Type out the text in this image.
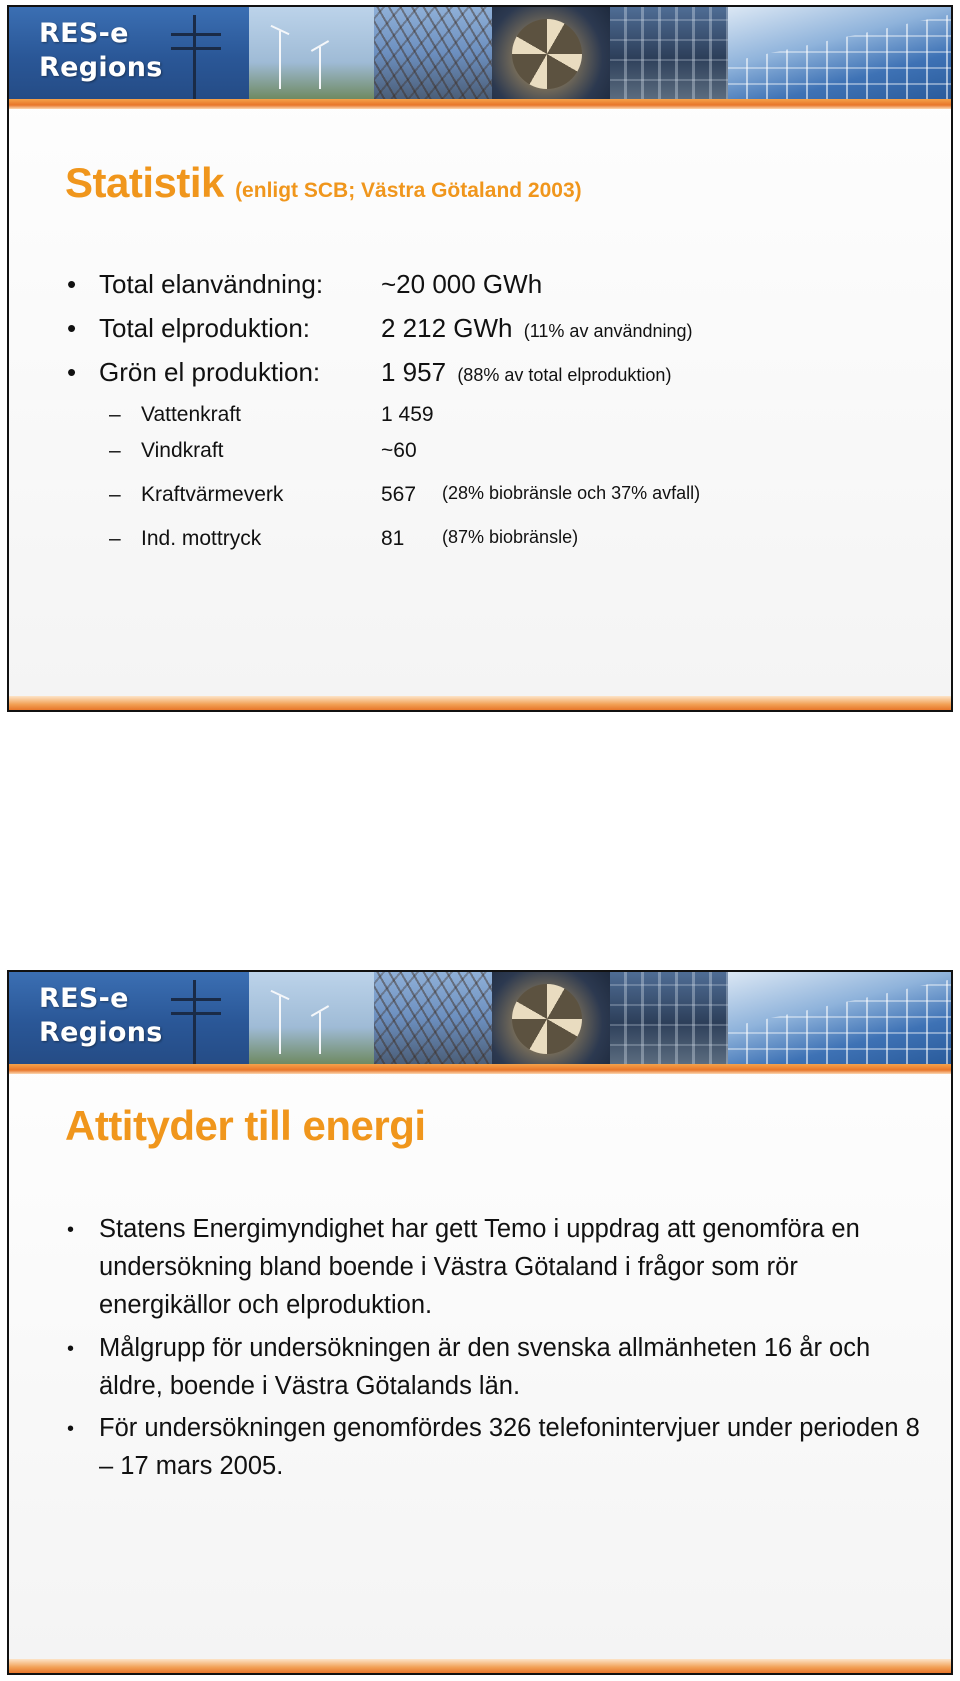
RES-e
Regions
Statistik (enligt SCB; Västra Götaland 2003)
• Total elanvändning: ~20 000 GWh
• Total elproduktion:	2 212 GWh (11% av användning)
• Grön el produktion: 1 957 (88% av total elproduktion)
– Vattenkraft	1 459
– Vindkraft	~60
– Kraftvärmeverk	567 (28% biobränsle och 37% avfall)
– Ind. mottryck	81 (87% biobränsle)
RES-e
Regions
Attityder till energi
• Statens Energimyndighet har gett Temo i uppdrag att genomföra en undersökning bland boende i Västra Götaland i frågor som rör energikällor och elproduktion.
• Målgrupp för undersökningen är den svenska allmänheten 16 år och äldre, boende i Västra Götalands län.
• För undersökningen genomfördes 326 telefonintervjuer under perioden 8 – 17 mars 2005.
